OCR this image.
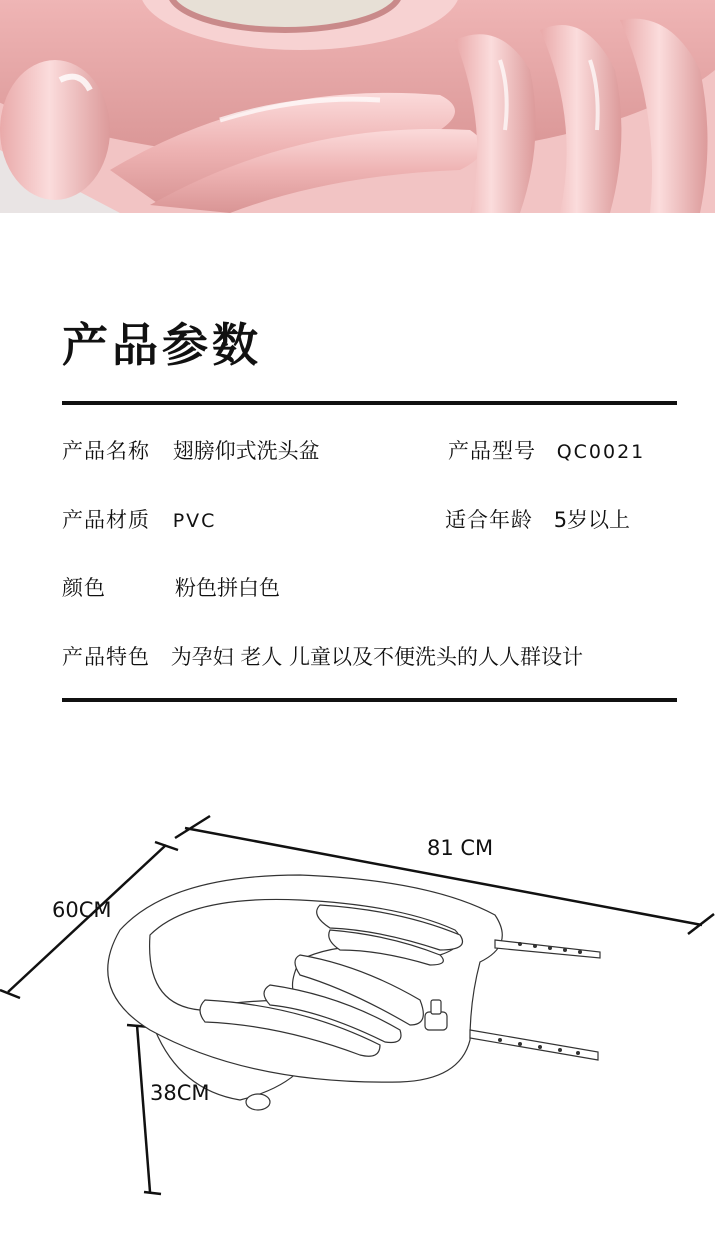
产品参数
产品名称 翅膀仰式洗头盆	产品型号 QC0021
产品材质 PVC	适合年龄 5岁以上
颜色	粉色拼白色
产品特色 为孕妇 老人 儿童以及不便洗头的人人群设计
81 CM
60CM
38CM
